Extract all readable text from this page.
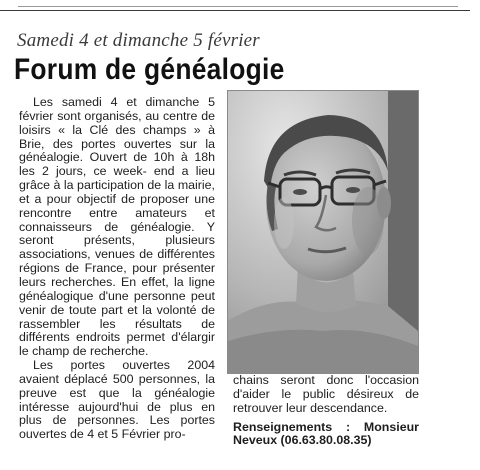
Samedi 4 et dimanche 5 février
Forum de généalogie

Les samedi 4 et dimanche 5 février sont organisés, au centre de loisirs « la Clé des champs » à Brie, des portes ouvertes sur la généalogie. Ouvert de 10h à 18h les 2 jours, ce week- end a lieu grâce à la participation de la mairie, et a pour objectif de proposer une rencontre entre amateurs et connaisseurs de généalogie. Y seront présents, plusieurs associations, venues de différentes régions de France, pour présenter leurs recherches. En effet, la ligne généalogique d'une personne peut venir de toute part et la volonté de rassembler les résultats de différents endroits permet d'élargir le champ de recherche.

Les portes ouvertes 2004 avaient déplacé 500 personnes, la preuve est que la généalogie intéresse aujourd'hui de plus en plus de personnes. Les portes ouvertes de 4 et 5 Février pro-

chains seront donc l'occasion d'aider le public désireux de retrouver leur descendance.

Renseignements : Monsieur Neveux (06.63.80.08.35)
